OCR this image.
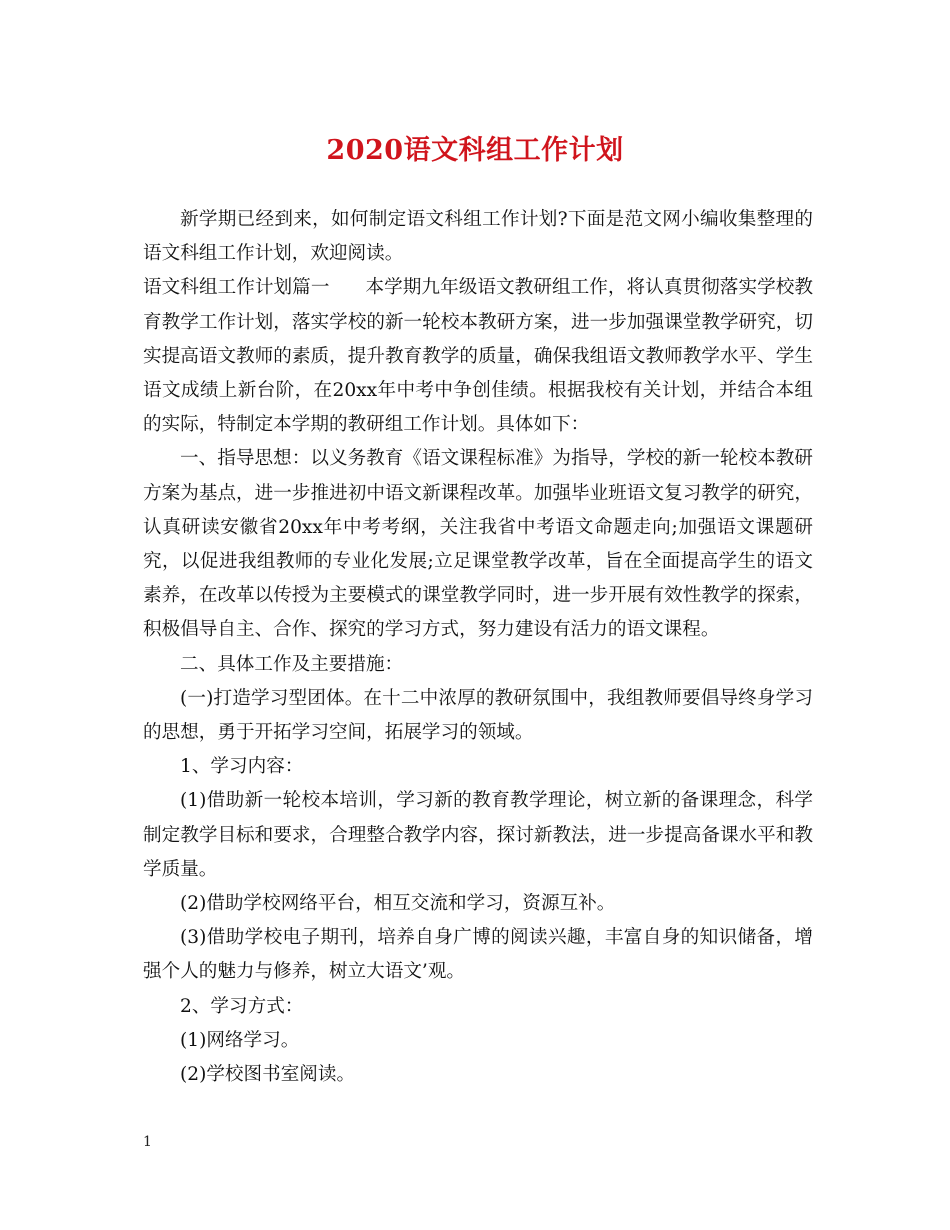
2020语文科组工作计划

新学期已经到来，如何制定语文科组工作计划?下面是范文网小编收集整理的语文科组工作计划，欢迎阅读。

语文科组工作计划篇一 本学期九年级语文教研组工作，将认真贯彻落实学校教育教学工作计划，落实学校的新一轮校本教研方案，进一步加强课堂教学研究，切实提高语文教师的素质，提升教育教学的质量，确保我组语文教师教学水平、学生语文成绩上新台阶，在20xx年中考中争创佳绩。根据我校有关计划，并结合本组的实际，特制定本学期的教研组工作计划。具体如下：

一、指导思想：以义务教育《语文课程标准》为指导，学校的新一轮校本教研方案为基点，进一步推进初中语文新课程改革。加强毕业班语文复习教学的研究，认真研读安徽省20xx年中考考纲，关注我省中考语文命题走向;加强语文课题研究，以促进我组教师的专业化发展;立足课堂教学改革，旨在全面提高学生的语文素养，在改革以传授为主要模式的课堂教学同时，进一步开展有效性教学的探索，积极倡导自主、合作、探究的学习方式，努力建设有活力的语文课程。

二、具体工作及主要措施：

(一)打造学习型团体。在十二中浓厚的教研氛围中，我组教师要倡导终身学习的思想，勇于开拓学习空间，拓展学习的领域。

1、学习内容：

(1)借助新一轮校本培训，学习新的教育教学理论，树立新的备课理念，科学制定教学目标和要求，合理整合教学内容，探讨新教法，进一步提高备课水平和教学质量。

(2)借助学校网络平台，相互交流和学习，资源互补。

(3)借助学校电子期刊，培养自身广博的阅读兴趣，丰富自身的知识储备，增强个人的魅力与修养，树立大语文’观。

2、学习方式：

(1)网络学习。

(2)学校图书室阅读。

1
